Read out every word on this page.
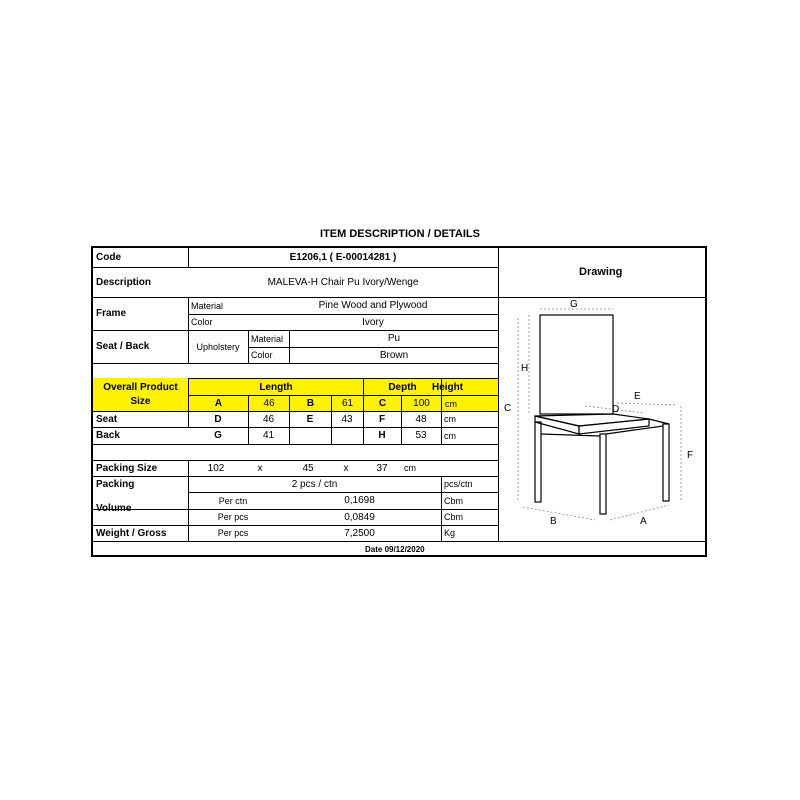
ITEM DESCRIPTION / DETAILS
Code	E1206,1 ( E-00014281 )
Description	MALEVA-H Chair Pu Ivory/Wenge
Frame
Material	Pine Wood and Plywood
Color	Ivory
Seat / Back	Upholstery
Material	Pu
Color	Brown
Overall Product
Size
Length	Depth	Height
A	46	B	61	C	100	cm
Seat	D	46	E	43	F	48	cm
Back	G	41	H	53	cm
Packing Size	102	x	45	x	37	cm
Packing	2 pcs / ctn	pcs/ctn
Volume
Per ctn	0,1698	Cbm
Per pcs	0,0849	Cbm
Weight / Gross	Per pcs	7,2500	Kg
Date 09/12/2020
Drawing
G
H
C	D
E
F
B	A
